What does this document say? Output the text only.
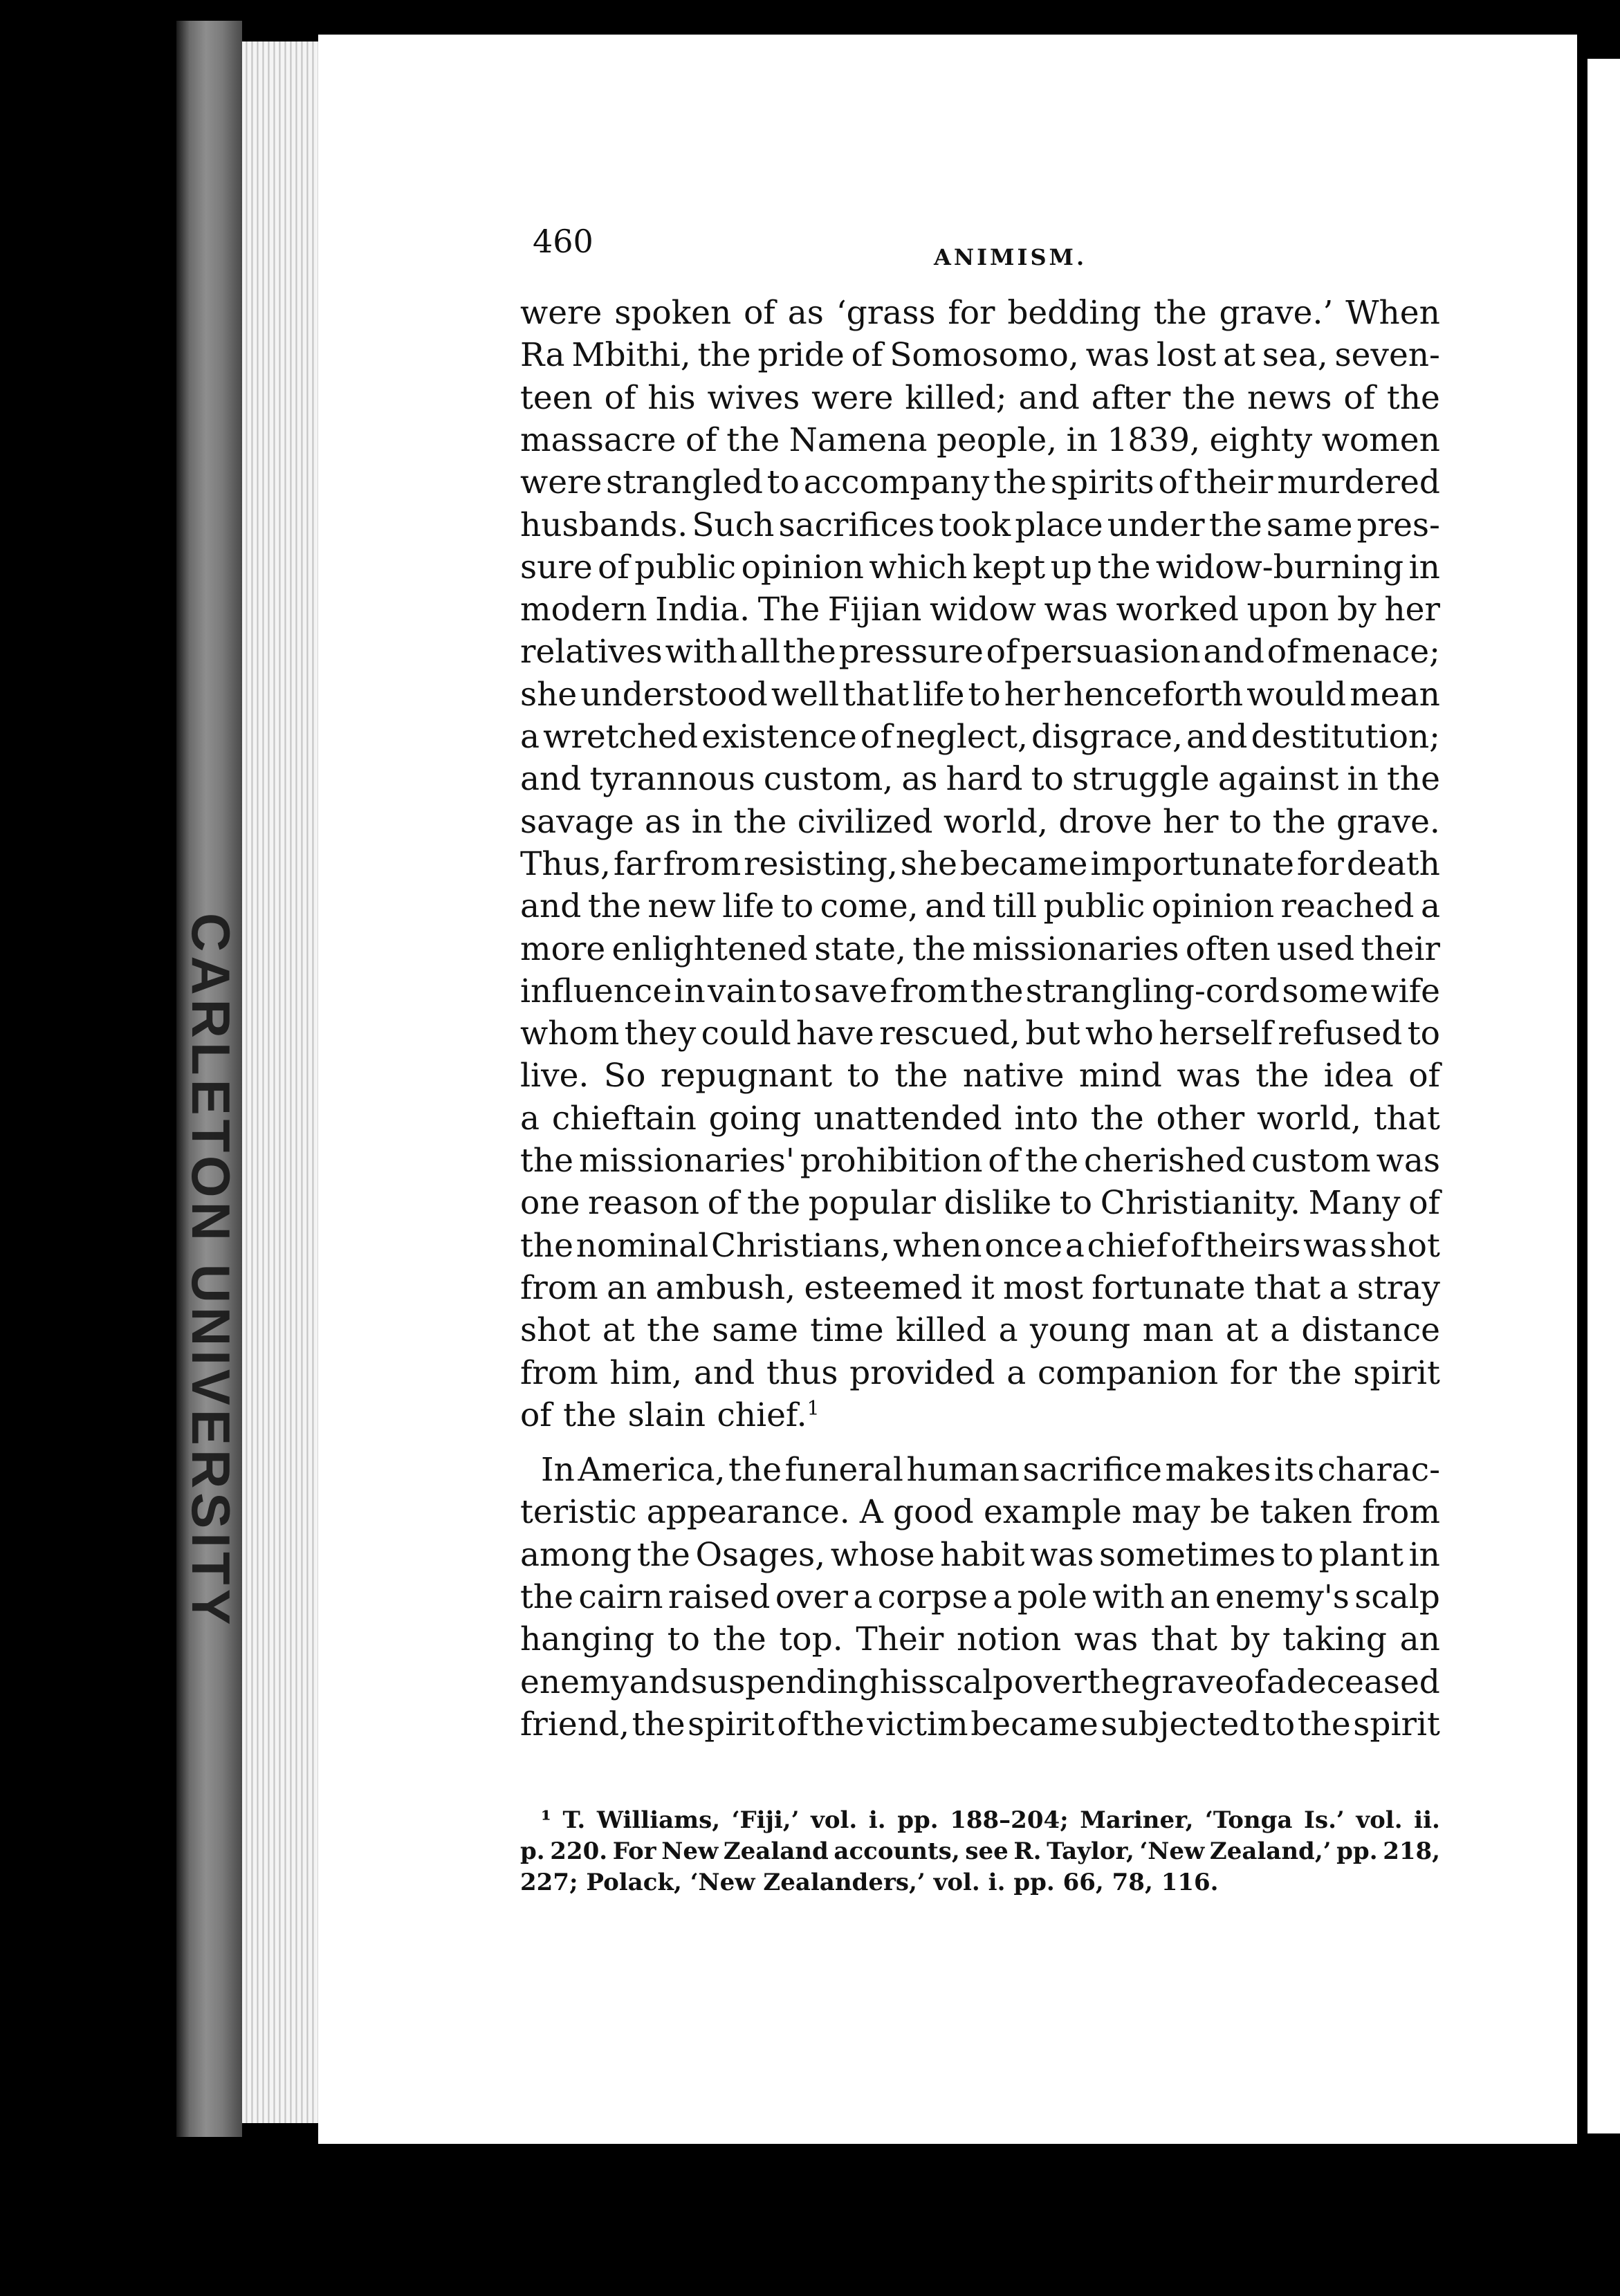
CARLETON UNIVERSITY
460	ANIMISM.
were spoken of as ‘grass for bedding the grave.’ When
Ra Mbithi, the pride of Somosomo, was lost at sea, seven-
teen of his wives were killed; and after the news of the
massacre of the Namena people, in 1839, eighty women
were strangled to accompany the spirits of their murdered
husbands. Such sacrifices took place under the same pres-
sure of public opinion which kept up the widow-burning in
modern India. The Fijian widow was worked upon by her
relatives with all the pressure of persuasion and of menace;
she understood well that life to her henceforth would mean
a wretched existence of neglect, disgrace, and destitution;
and tyrannous custom, as hard to struggle against in the
savage as in the civilized world, drove her to the grave.
Thus, far from resisting, she became importunate for death
and the new life to come, and till public opinion reached a
more enlightened state, the missionaries often used their
influence in vain to save from the strangling-cord some wife
whom they could have rescued, but who herself refused to
live. So repugnant to the native mind was the idea of
a chieftain going unattended into the other world, that
the missionaries' prohibition of the cherished custom was
one reason of the popular dislike to Christianity. Many of
the nominal Christians, when once a chief of theirs was shot
from an ambush, esteemed it most fortunate that a stray
shot at the same time killed a young man at a distance
from him, and thus provided a companion for the spirit
of the slain chief.$^1$
In America, the funeral human sacrifice makes its charac-
teristic appearance. A good example may be taken from
among the Osages, whose habit was sometimes to plant in
the cairn raised over a corpse a pole with an enemy's scalp
hanging to the top. Their notion was that by taking an
enemy and suspending his scalp over the grave of a deceased
friend, the spirit of the victim became subjected to the spirit
¹ T. Williams, ‘Fiji,’ vol. i. pp. 188–204; Mariner, ‘Tonga Is.’ vol. ii.
p. 220. For New Zealand accounts, see R. Taylor, ‘New Zealand,’ pp. 218,
227; Polack, ‘New Zealanders,’ vol. i. pp. 66, 78, 116.
